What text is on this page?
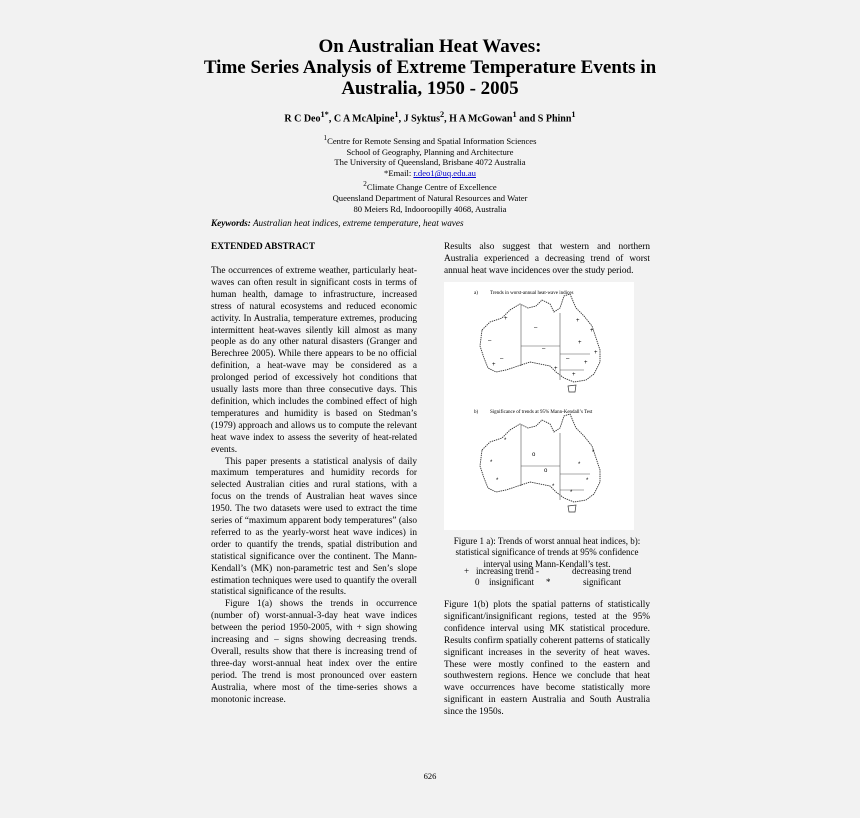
On Australian Heat Waves:
Time Series Analysis of Extreme Temperature Events in
Australia, 1950 - 2005
R C Deo$^{1*}$, C A McAlpine$^1$, J Syktus$^2$, H A McGowan$^1$ and S Phinn$^1$
$^1$Centre for Remote Sensing and Spatial Information Sciences
School of Geography, Planning and Architecture
The University of Queensland, Brisbane 4072 Australia
*Email: r.deo1@uq.edu.au
$^2$Climate Change Centre of Excellence
Queensland Department of Natural Resources and Water
80 Meiers Rd, Indooroopilly 4068, Australia
Keywords: Australian heat indices, extreme temperature, heat waves
EXTENDED ABSTRACT

The occurrences of extreme weather, particularly heat-waves can often result in significant costs in terms of human health, damage to infrastructure, increased stress of natural ecosystems and reduced economic activity. In Australia, temperature extremes, producing intermittent heat-waves silently kill almost as many people as do any other natural disasters (Granger and Berechree 2005). While there appears to be no official definition, a heat-wave may be considered as a prolonged period of excessively hot conditions that usually lasts more than three consecutive days. This definition, which includes the combined effect of high temperatures and humidity is based on Stedman’s (1979) approach and allows us to compute the relevant heat wave index to assess the severity of heat-related events.

This paper presents a statistical analysis of daily maximum temperatures and humidity records for selected Australian cities and rural stations, with a focus on the trends of Australian heat waves since 1950. The two datasets were used to extract the time series of “maximum apparent body temperatures” (also referred to as the yearly-worst heat wave indices) in order to quantify the trends, spatial distribution and statistical significance over the continent. The Mann-Kendall’s (MK) non-parametric test and Sen’s slope estimation techniques were used to quantify the overall statistical significance of the results.

Figure 1(a) shows the trends in occurrence (number of) worst-annual-3-day heat wave indices between the period 1950-2005, with + sign showing increasing and – signs showing decreasing trends. Overall, results show that there is increasing trend of three-day worst-annual heat index over the entire period. The trend is most pronounced over eastern Australia, where most of the time-series shows a monotonic increase.

Results also suggest that western and northern Australia experienced a decreasing trend of worst annual heat wave incidences over the study period.

a) Trends in worst-annual heat-wave indices
+
–
–
–
–	–
+
+
+
+
+
+
+
+
b) Significance of trends at 95% Mann-Kendall’s Test
o
*
*
*
*
*
*
*
*
o
Figure 1 a): Trends of worst annual heat indices, b): statistical significance of trends at 95% confidence interval using Mann-Kendall’s test.
+ increasing trend -	decreasing trend
0 insignificant *	significant

Figure 1(b) plots the spatial patterns of statistically significant/insignificant regions, tested at the 95% confidence interval using MK statistical procedure. Results confirm spatially coherent patterns of statically significant increases in the severity of heat waves. These were mostly confined to the eastern and southwestern regions. Hence we conclude that heat wave occurrences have become statistically more significant in eastern Australia and South Australia since the 1950s.

626
